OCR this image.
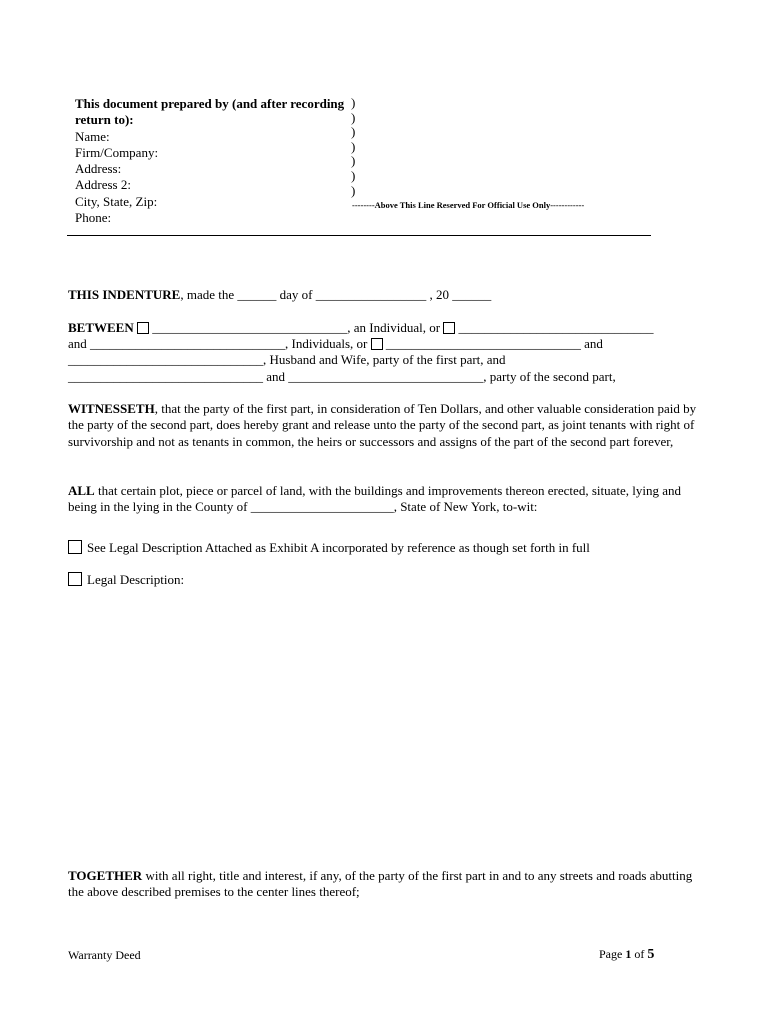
This document prepared by (and after recording
return to):
Name:
Firm/Company:
Address:
Address 2:
City, State, Zip:
Phone:
)
)
)
)
)
)
)
--------Above This Line Reserved For Official Use Only------------
THIS INDENTURE, made the ______ day of _________________ , 20 ______
BETWEEN ______________________________, an Individual, or ______________________________
and ______________________________, Individuals, or ______________________________ and
______________________________, Husband and Wife, party of the first part, and
______________________________ and ______________________________, party of the second part,
WITNESSETH, that the party of the first part, in consideration of Ten Dollars, and other valuable consideration paid by the party of the second part, does hereby grant and release unto the party of the second part, as joint tenants with right of survivorship and not as tenants in common, the heirs or successors and assigns of the part of the second part forever,
ALL that certain plot, piece or parcel of land, with the buildings and improvements thereon erected, situate, lying and being in the lying in the County of ______________________, State of New York, to-wit:
See Legal Description Attached as Exhibit A incorporated by reference as though set forth in full
Legal Description:
TOGETHER with all right, title and interest, if any, of the party of the first part in and to any streets and roads abutting the above described premises to the center lines thereof;
Warranty Deed	Page 1 of 5
